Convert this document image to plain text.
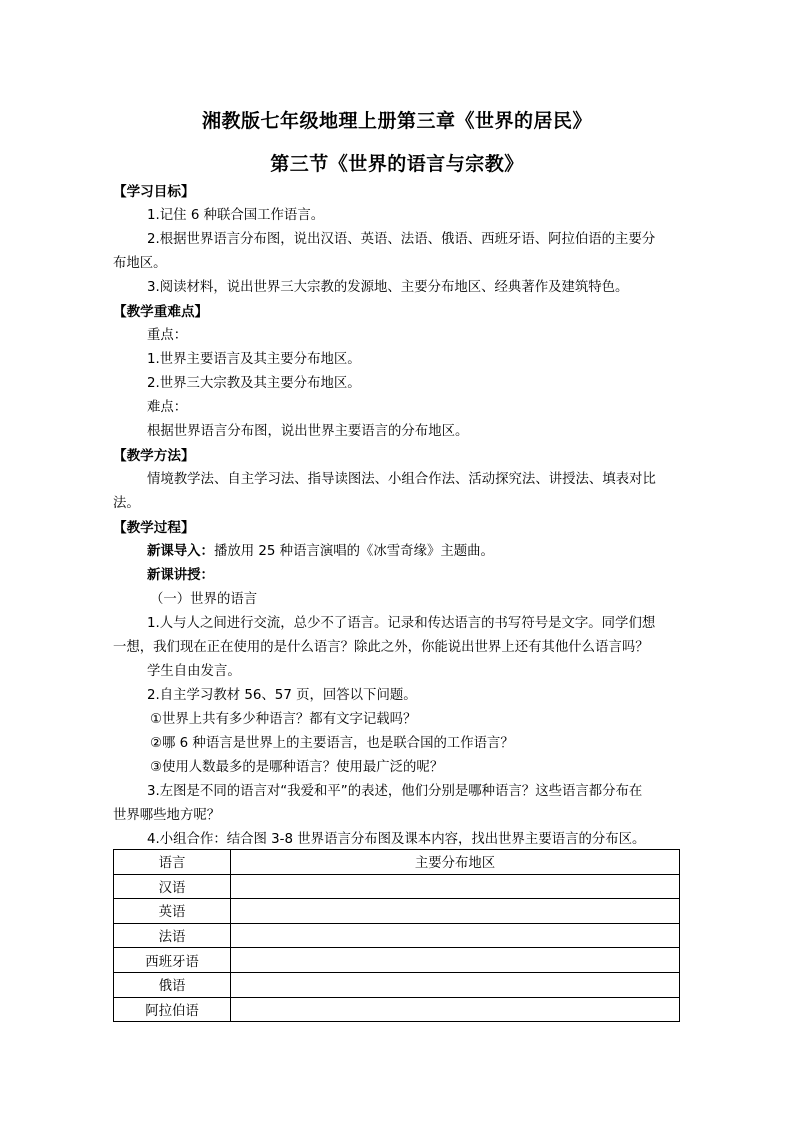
湘教版七年级地理上册第三章《世界的居民》
第三节《世界的语言与宗教》
【学习目标】
1.记住 6 种联合国工作语言。
2.根据世界语言分布图，说出汉语、英语、法语、俄语、西班牙语、阿拉伯语的主要分
布地区。
3.阅读材料，说出世界三大宗教的发源地、主要分布地区、经典著作及建筑特色。
【教学重难点】
重点：
1.世界主要语言及其主要分布地区。
2.世界三大宗教及其主要分布地区。
难点：
根据世界语言分布图，说出世界主要语言的分布地区。
【教学方法】
情境教学法、自主学习法、指导读图法、小组合作法、活动探究法、讲授法、填表对比
法。
【教学过程】
新课导入：播放用 25 种语言演唱的《冰雪奇缘》主题曲。
新课讲授：
（一）世界的语言
1.人与人之间进行交流，总少不了语言。记录和传达语言的书写符号是文字。同学们想
一想，我们现在正在使用的是什么语言？除此之外，你能说出世界上还有其他什么语言吗？
学生自由发言。
2.自主学习教材 56、57 页，回答以下问题。
①世界上共有多少种语言？都有文字记载吗？
②哪 6 种语言是世界上的主要语言，也是联合国的工作语言？
③使用人数最多的是哪种语言？使用最广泛的呢？
3.左图是不同的语言对“我爱和平”的表述，他们分别是哪种语言？这些语言都分布在
世界哪些地方呢？
4.小组合作：结合图 3-8 世界语言分布图及课本内容，找出世界主要语言的分布区。
语言	主要分布地区
汉语	
英语	
法语	
西班牙语	
俄语	
阿拉伯语	
